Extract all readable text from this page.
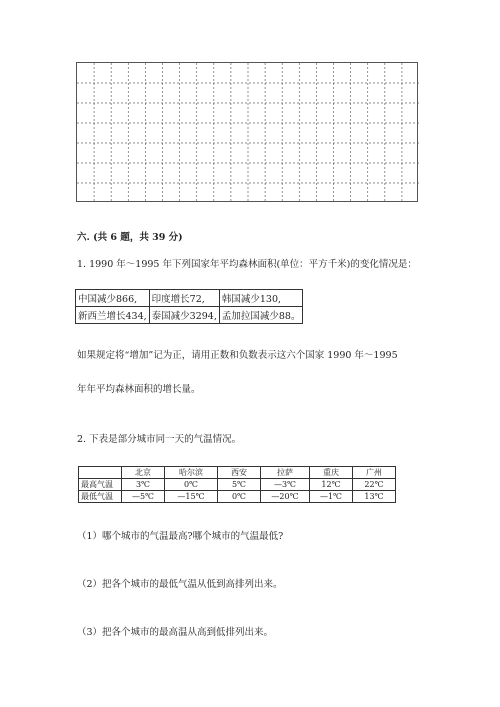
六. (共 6 题，共 39 分)
1. 1990 年～1995 年下列国家年平均森林面积(单位：平方千米)的变化情况是：
中国减少866,	印度增长72,	韩国减少130,
新西兰增长434,	泰国减少3294,	孟加拉国减少88。
如果规定将“增加”记为正，请用正数和负数表示这六个国家 1990 年～1995
年年平均森林面积的增长量。
2. 下表是部分城市同一天的气温情况。
	北京	哈尔滨	西安	拉萨	重庆	广州
最高气温	3℃	0℃	5℃	—3℃	12℃	22℃
最低气温	—5℃	—15℃	0℃	—20℃	—1℃	13℃
（1）哪个城市的气温最高?哪个城市的气温最低?
（2）把各个城市的最低气温从低到高排列出来。
（3）把各个城市的最高温从高到低排列出来。
